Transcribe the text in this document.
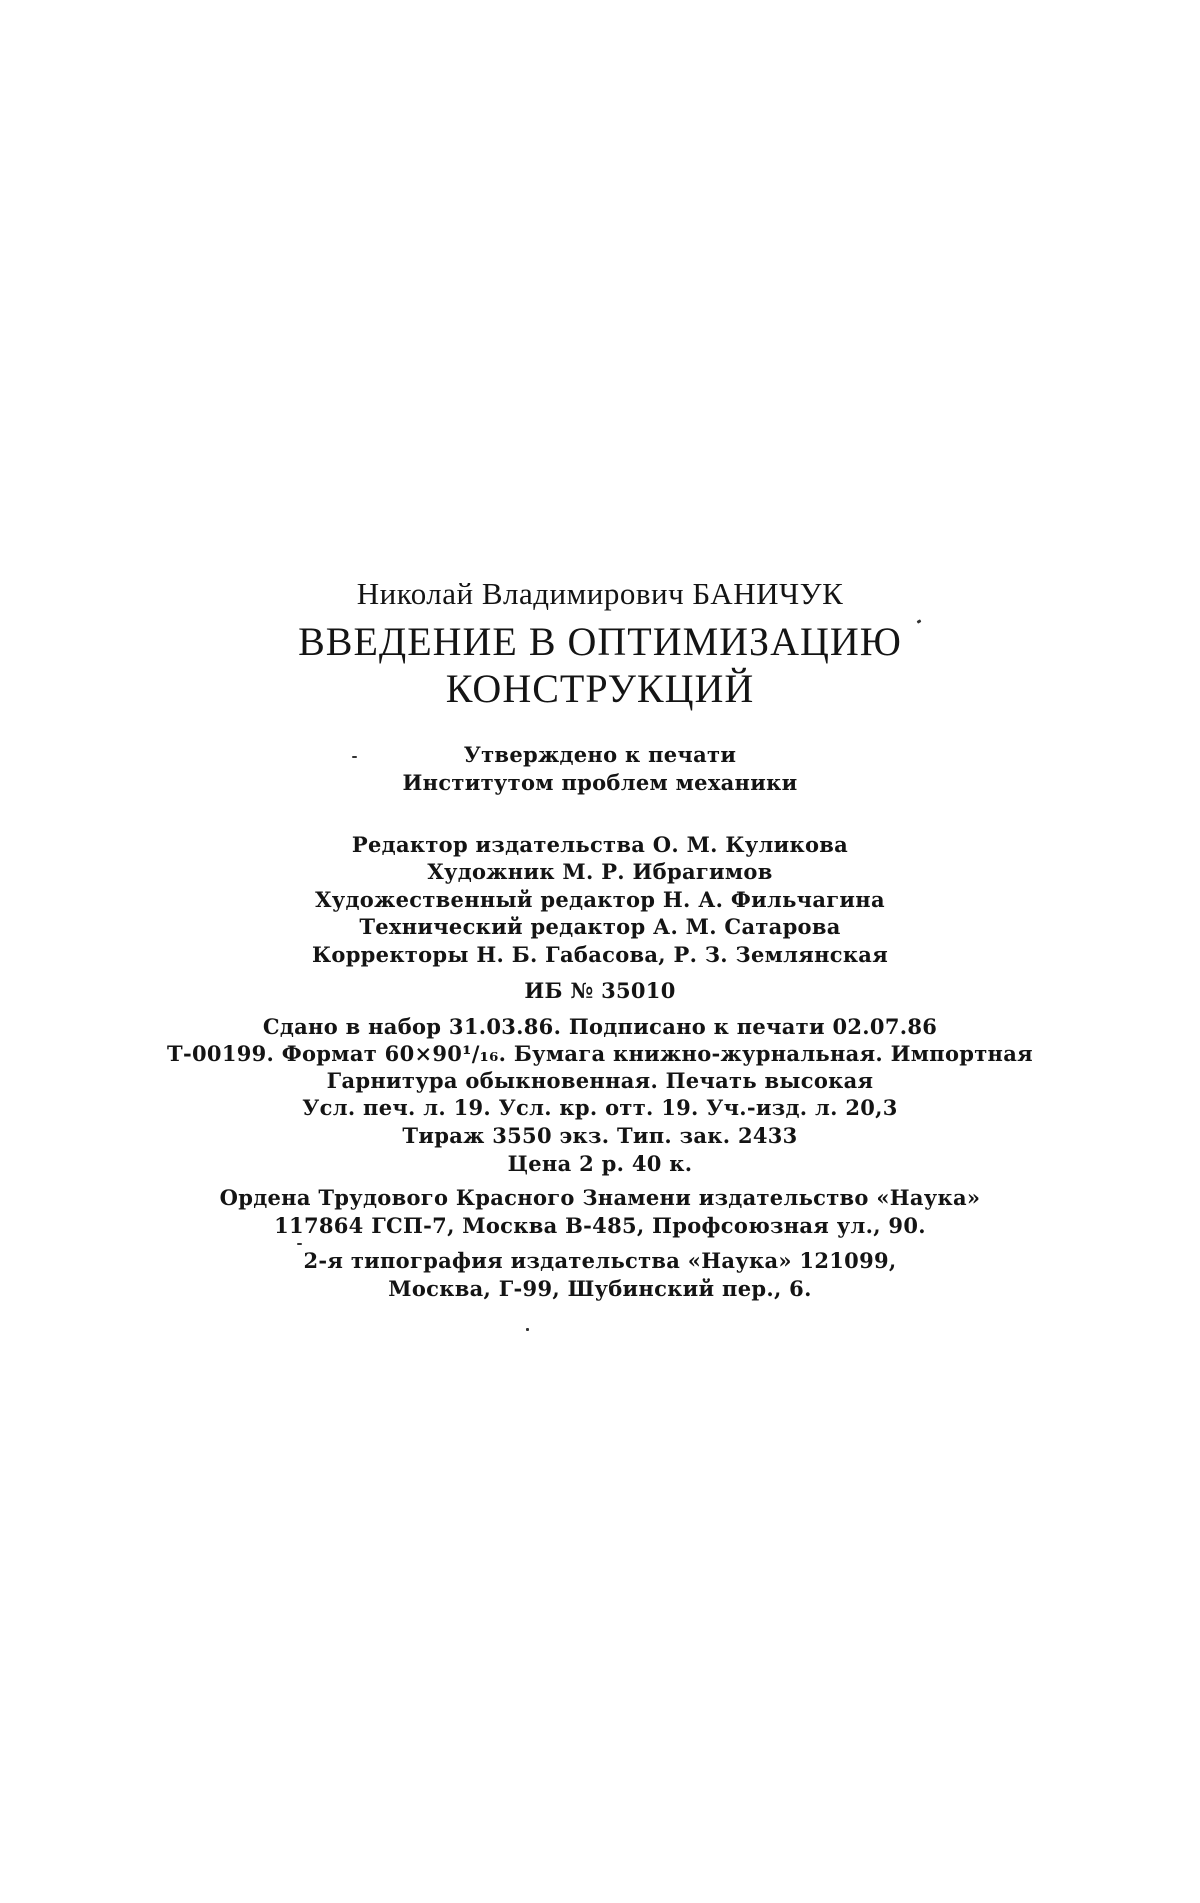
Николай Владимирович БАНИЧУК
ВВЕДЕНИЕ В ОПТИМИЗАЦИЮ
КОНСТРУКЦИЙ
Утверждено к печати
Институтом проблем механики
Редактор издательства О. М. Куликова
Художник М. Р. Ибрагимов
Художественный редактор Н. А. Фильчагина
Технический редактор А. М. Сатарова
Корректоры Н. Б. Габасова, Р. З. Землянская
ИБ № 35010
Сдано в набор 31.03.86. Подписано к печати 02.07.86
Т-00199. Формат 60×90¹/₁₆. Бумага книжно-журнальная. Импортная
Гарнитура обыкновенная. Печать высокая
Усл. печ. л. 19. Усл. кр. отт. 19. Уч.-изд. л. 20,3
Тираж 3550 экз. Тип. зак. 2433
Цена 2 р. 40 к.
Ордена Трудового Красного Знамени издательство «Наука»
117864 ГСП-7, Москва В-485, Профсоюзная ул., 90.
2-я типография издательства «Наука» 121099,
Москва, Г-99, Шубинский пер., 6.
